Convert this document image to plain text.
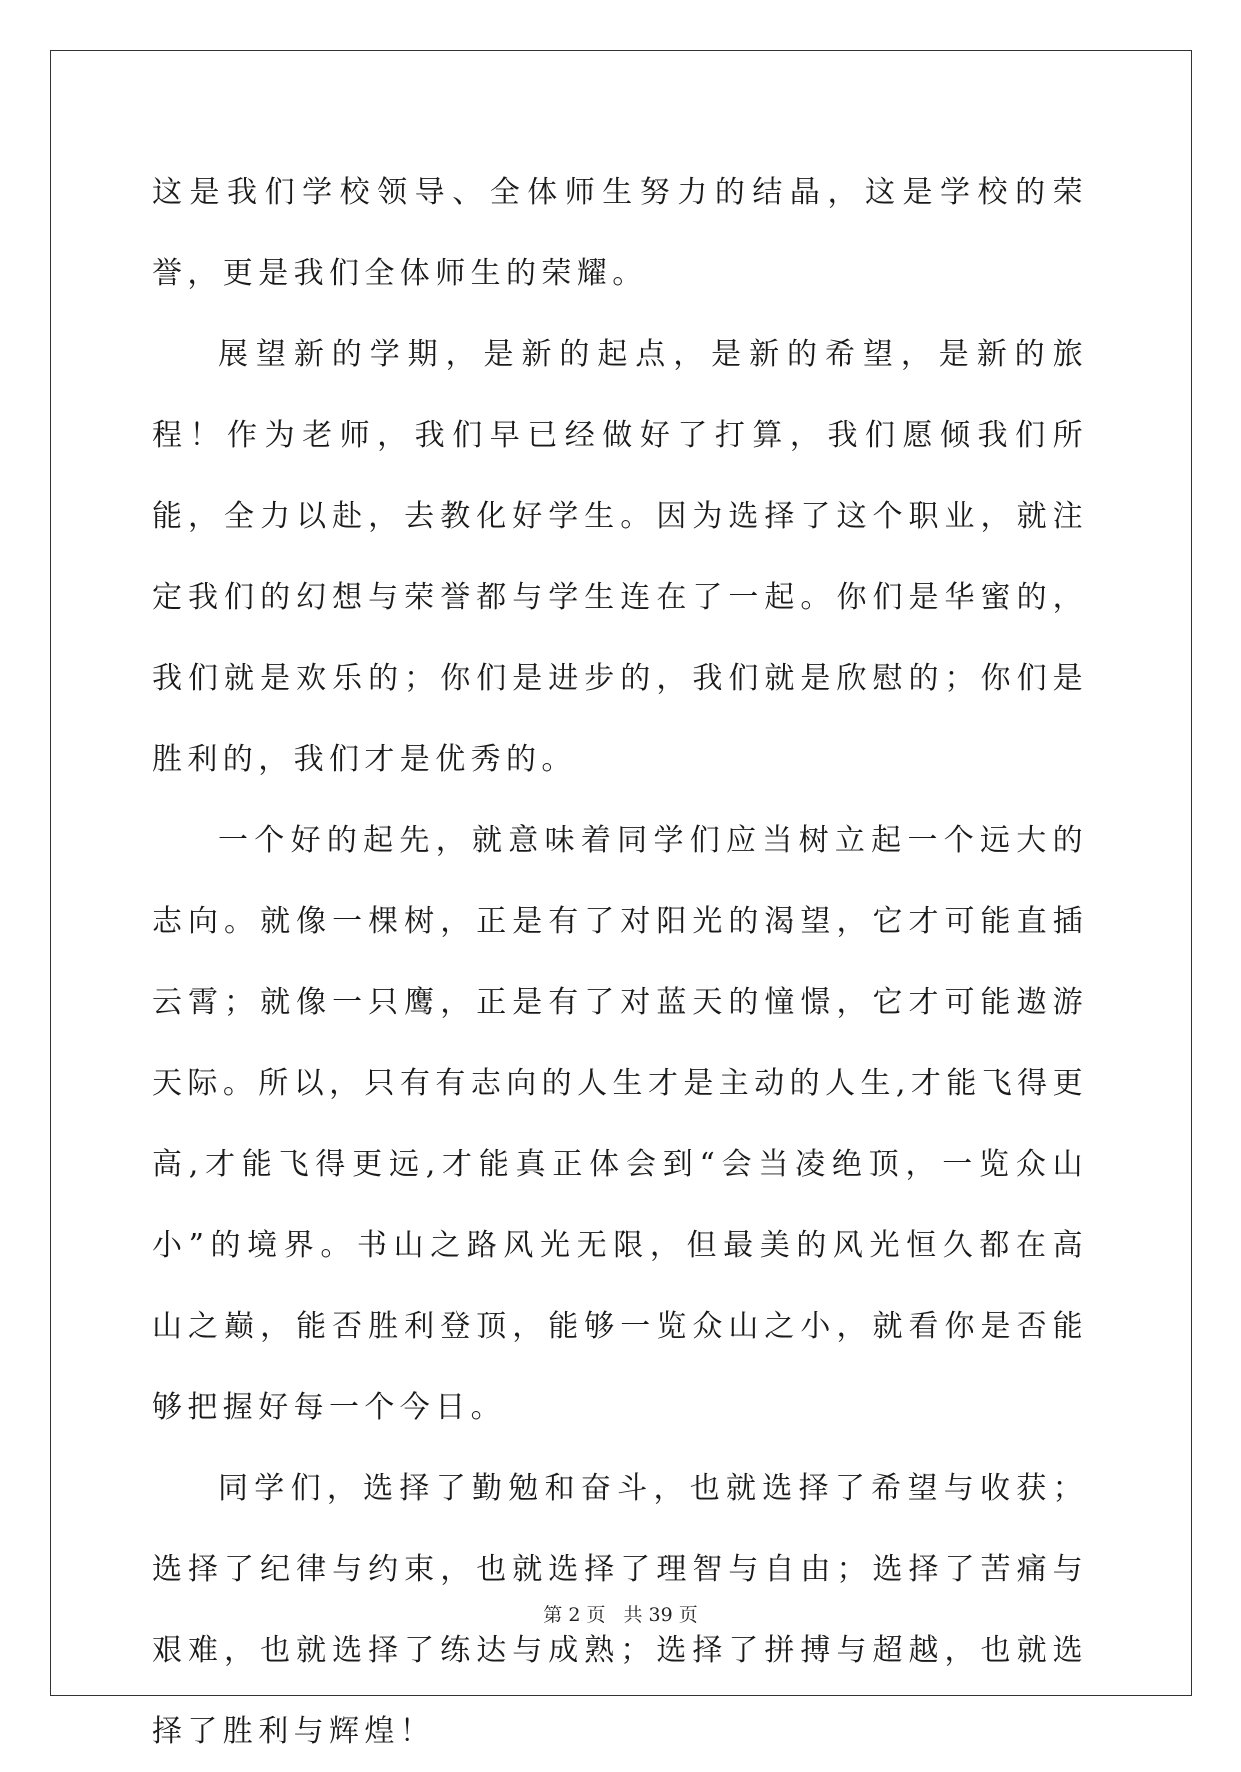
这是我们学校领导、全体师生努力的结晶，这是学校的荣誉，更是我们全体师生的荣耀。

展望新的学期，是新的起点，是新的希望，是新的旅程！作为老师，我们早已经做好了打算，我们愿倾我们所能，全力以赴，去教化好学生。因为选择了这个职业，就注定我们的幻想与荣誉都与学生连在了一起。你们是华蜜的，我们就是欢乐的；你们是进步的，我们就是欣慰的；你们是胜利的，我们才是优秀的。

一个好的起先，就意味着同学们应当树立起一个远大的志向。就像一棵树，正是有了对阳光的渴望，它才可能直插云霄；就像一只鹰，正是有了对蓝天的憧憬，它才可能遨游天际。所以，只有有志向的人生才是主动的人生,才能飞得更高,才能飞得更远,才能真正体会到“会当凌绝顶，一览众山小”的境界。书山之路风光无限，但最美的风光恒久都在高山之巅，能否胜利登顶，能够一览众山之小，就看你是否能够把握好每一个今日。

同学们，选择了勤勉和奋斗，也就选择了希望与收获；选择了纪律与约束，也就选择了理智与自由；选择了苦痛与艰难，也就选择了练达与成熟；选择了拼搏与超越，也就选择了胜利与辉煌！

第 2 页 共 39 页
